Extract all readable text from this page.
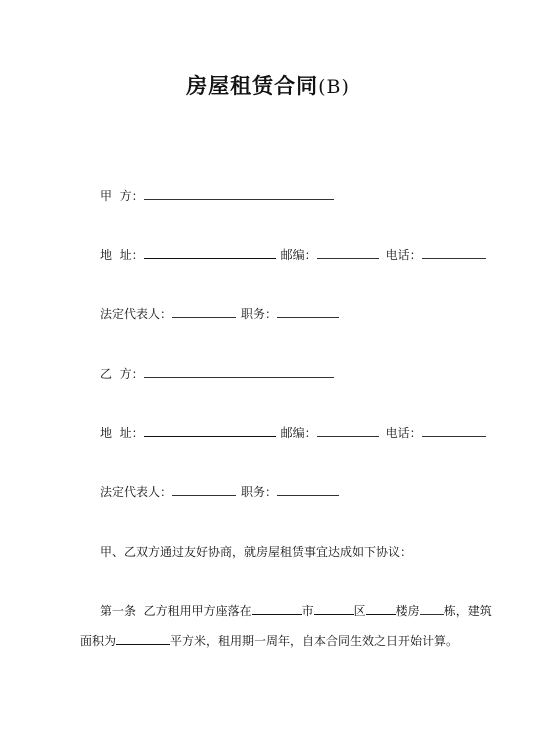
房屋租赁合同(B)
甲  方：
地  址：	邮编：	电话：
法定代表人：	职务：
乙  方：
地  址：	邮编：	电话：
法定代表人：	职务：
甲、乙双方通过友好协商，就房屋租赁事宜达成如下协议：
第一条  乙方租用甲方座落在	市	区	楼房 栋，建筑
面积为	平方米，租用期一周年，自本合同生效之日开始计算。
